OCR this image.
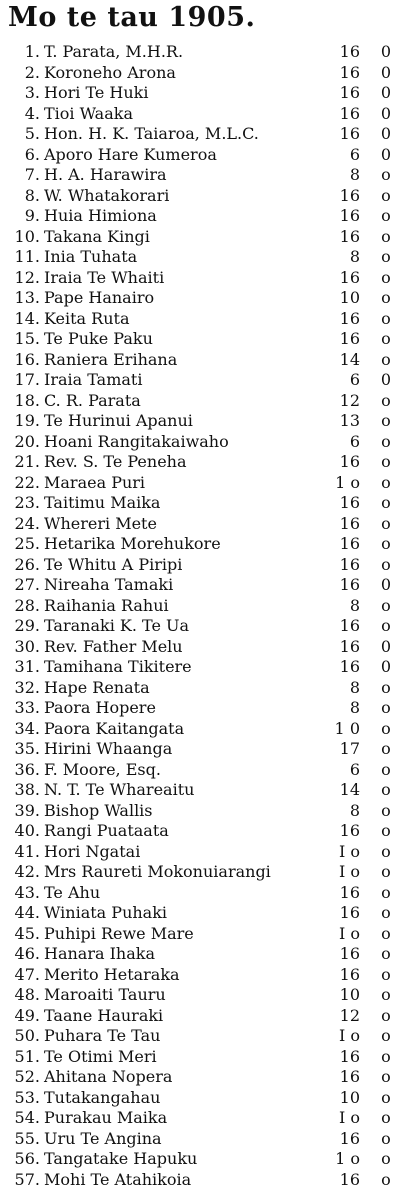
Mo te tau 1905.
1. T. Parata, M.H.R.	16	0
2. Koroneho Arona	16	0
3. Hori Te Huki	16	0
4. Tioi Waaka	16	0
5. Hon. H. K. Taiaroa, M.L.C.	16	0
6. Aporo Hare Kumeroa	6	0
7. H. A. Harawira	8	o
8. W. Whatakorari	16	o
9. Huia Himiona	16	o
10. Takana Kingi	16	o
11. Inia Tuhata	8	o
12. Iraia Te Whaiti	16	o
13. Pape Hanairo	10	o
14. Keita Ruta	16	o
15. Te Puke Paku	16	o
16. Raniera Erihana	14	o
17. Iraia Tamati	6	0
18. C. R. Parata	12	o
19. Te Hurinui Apanui	13	o
20. Hoani Rangitakaiwaho	6	o
21. Rev. S. Te Peneha	16	o
22. Maraea Puri	1 o	o
23. Taitimu Maika	16	o
24. Whereri Mete	16	o
25. Hetarika Morehukore	16	o
26. Te Whitu A Piripi	16	o
27. Nireaha Tamaki	16	0
28. Raihania Rahui	8	o
29. Taranaki K. Te Ua	16	o
30. Rev. Father Melu	16	0
31. Tamihana Tikitere	16	0
32. Hape Renata	8	o
33. Paora Hopere	8	o
34. Paora Kaitangata	1 0	o
35. Hirini Whaanga	17	o
36. F. Moore, Esq.	6	o
38. N. T. Te Whareaitu	14	o
39. Bishop Wallis	8	o
40. Rangi Puataata	16	o
41. Hori Ngatai	I o	o
42. Mrs Raureti Mokonuiarangi	I o	o
43. Te Ahu	16	o
44. Winiata Puhaki	16	o
45. Puhipi Rewe Mare	I o	o
46. Hanara Ihaka	16	o
47. Merito Hetaraka	16	o
48. Maroaiti Tauru	10	o
49. Taane Hauraki	12	o
50. Puhara Te Tau	I o	o
51. Te Otimi Meri	16	o
52. Ahitana Nopera	16	o
53. Tutakangahau	10	o
54. Purakau Maika	I o	o
55. Uru Te Angina	16	o
56. Tangatake Hapuku	1 o	o
57. Mohi Te Atahikoia	16	o
